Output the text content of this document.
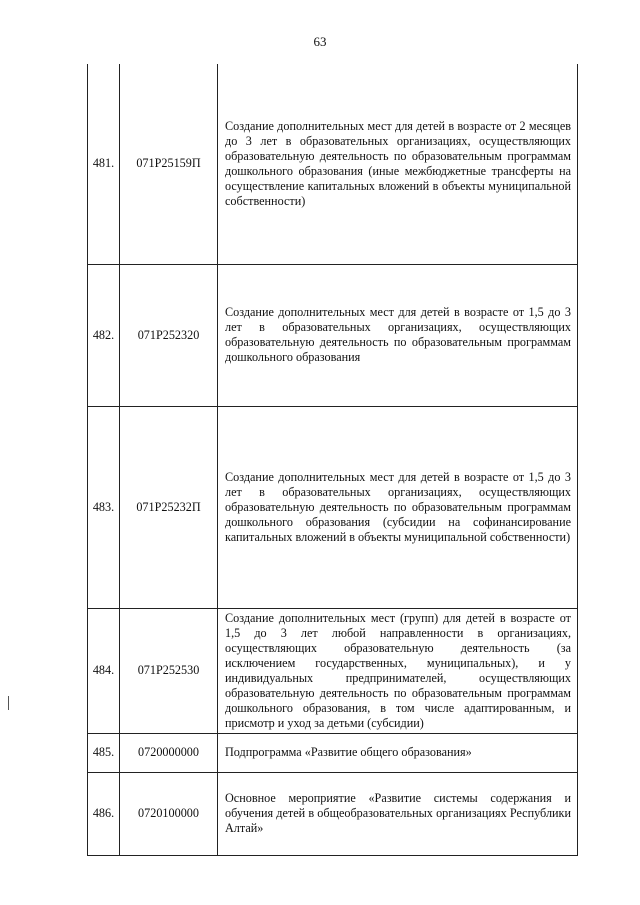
63
481.	071P25159П	Создание дополнительных мест для детей в возрасте от 2 месяцев до 3 лет в образовательных организациях, осуществляющих образовательную деятельность по образовательным программам дошкольного образования (иные межбюджетные трансферты на осуществление капитальных вложений в объекты муниципальной собственности)
482.	071P252320	Создание дополнительных мест для детей в возрасте от 1,5 до 3 лет в образовательных организациях, осуществляющих образовательную деятельность по образовательным программам дошкольного образования
483.	071P25232П	Создание дополнительных мест для детей в возрасте от 1,5 до 3 лет в образовательных организациях, осуществляющих образовательную деятельность по образовательным программам дошкольного образования (субсидии на софинансирование капитальных вложений в объекты муниципальной собственности)
484.	071P252530	Создание дополнительных мест (групп) для детей в возрасте от 1,5 до 3 лет любой направленности в организациях, осуществляющих образовательную деятельность (за исключением государственных, муниципальных), и у индивидуальных предпринимателей, осуществляющих образовательную деятельность по образовательным программам дошкольного образования, в том числе адаптированным, и присмотр и уход за детьми (субсидии)
485.	0720000000	Подпрограмма «Развитие общего образования»
486.	0720100000	Основное мероприятие «Развитие системы содержания и обучения детей в общеобразовательных организациях Республики Алтай»
